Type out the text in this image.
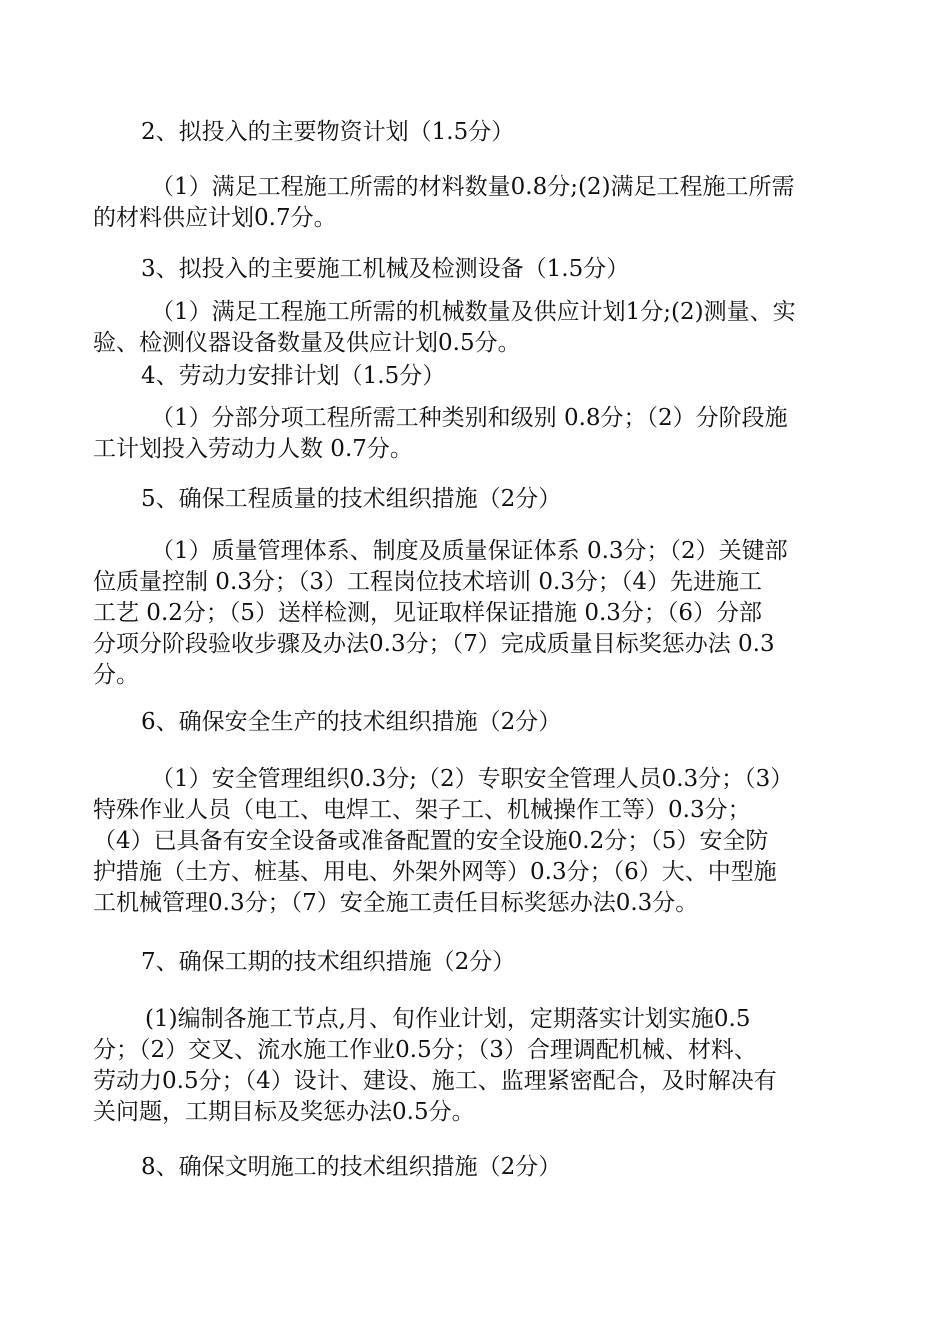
2、拟投入的主要物资计划（1.5分）

（1）满足工程施工所需的材料数量0.8分;(2)满足工程施工所需
的材料供应计划0.7分。

3、拟投入的主要施工机械及检测设备（1.5分）

（1）满足工程施工所需的机械数量及供应计划1分;(2)测量、实
验、检测仪器设备数量及供应计划0.5分。

4、劳动力安排计划（1.5分）

（1）分部分项工程所需工种类别和级别 0.8分；（2）分阶段施
工计划投入劳动力人数 0.7分。

5、确保工程质量的技术组织措施（2分）

（1）质量管理体系、制度及质量保证体系 0.3分；（2）关键部
位质量控制 0.3分；（3）工程岗位技术培训 0.3分；（4）先进施工
工艺 0.2分；（5）送样检测，见证取样保证措施 0.3分；（6）分部
分项分阶段验收步骤及办法0.3分；（7）完成质量目标奖惩办法 0.3
分。

6、确保安全生产的技术组织措施（2分）

（1）安全管理组织0.3分;（2）专职安全管理人员0.3分；（3）
特殊作业人员（电工、电焊工、架子工、机械操作工等）0.3分；
（4）已具备有安全设备或准备配置的安全设施0.2分；（5）安全防
护措施（土方、桩基、用电、外架外网等）0.3分；（6）大、中型施
工机械管理0.3分；（7）安全施工责任目标奖惩办法0.3分。

7、确保工期的技术组织措施（2分）

(1)编制各施工节点,月、旬作业计划，定期落实计划实施0.5
分；（2）交叉、流水施工作业0.5分；（3）合理调配机械、材料、
劳动力0.5分；（4）设计、建设、施工、监理紧密配合，及时解决有
关问题，工期目标及奖惩办法0.5分。

8、确保文明施工的技术组织措施（2分）
